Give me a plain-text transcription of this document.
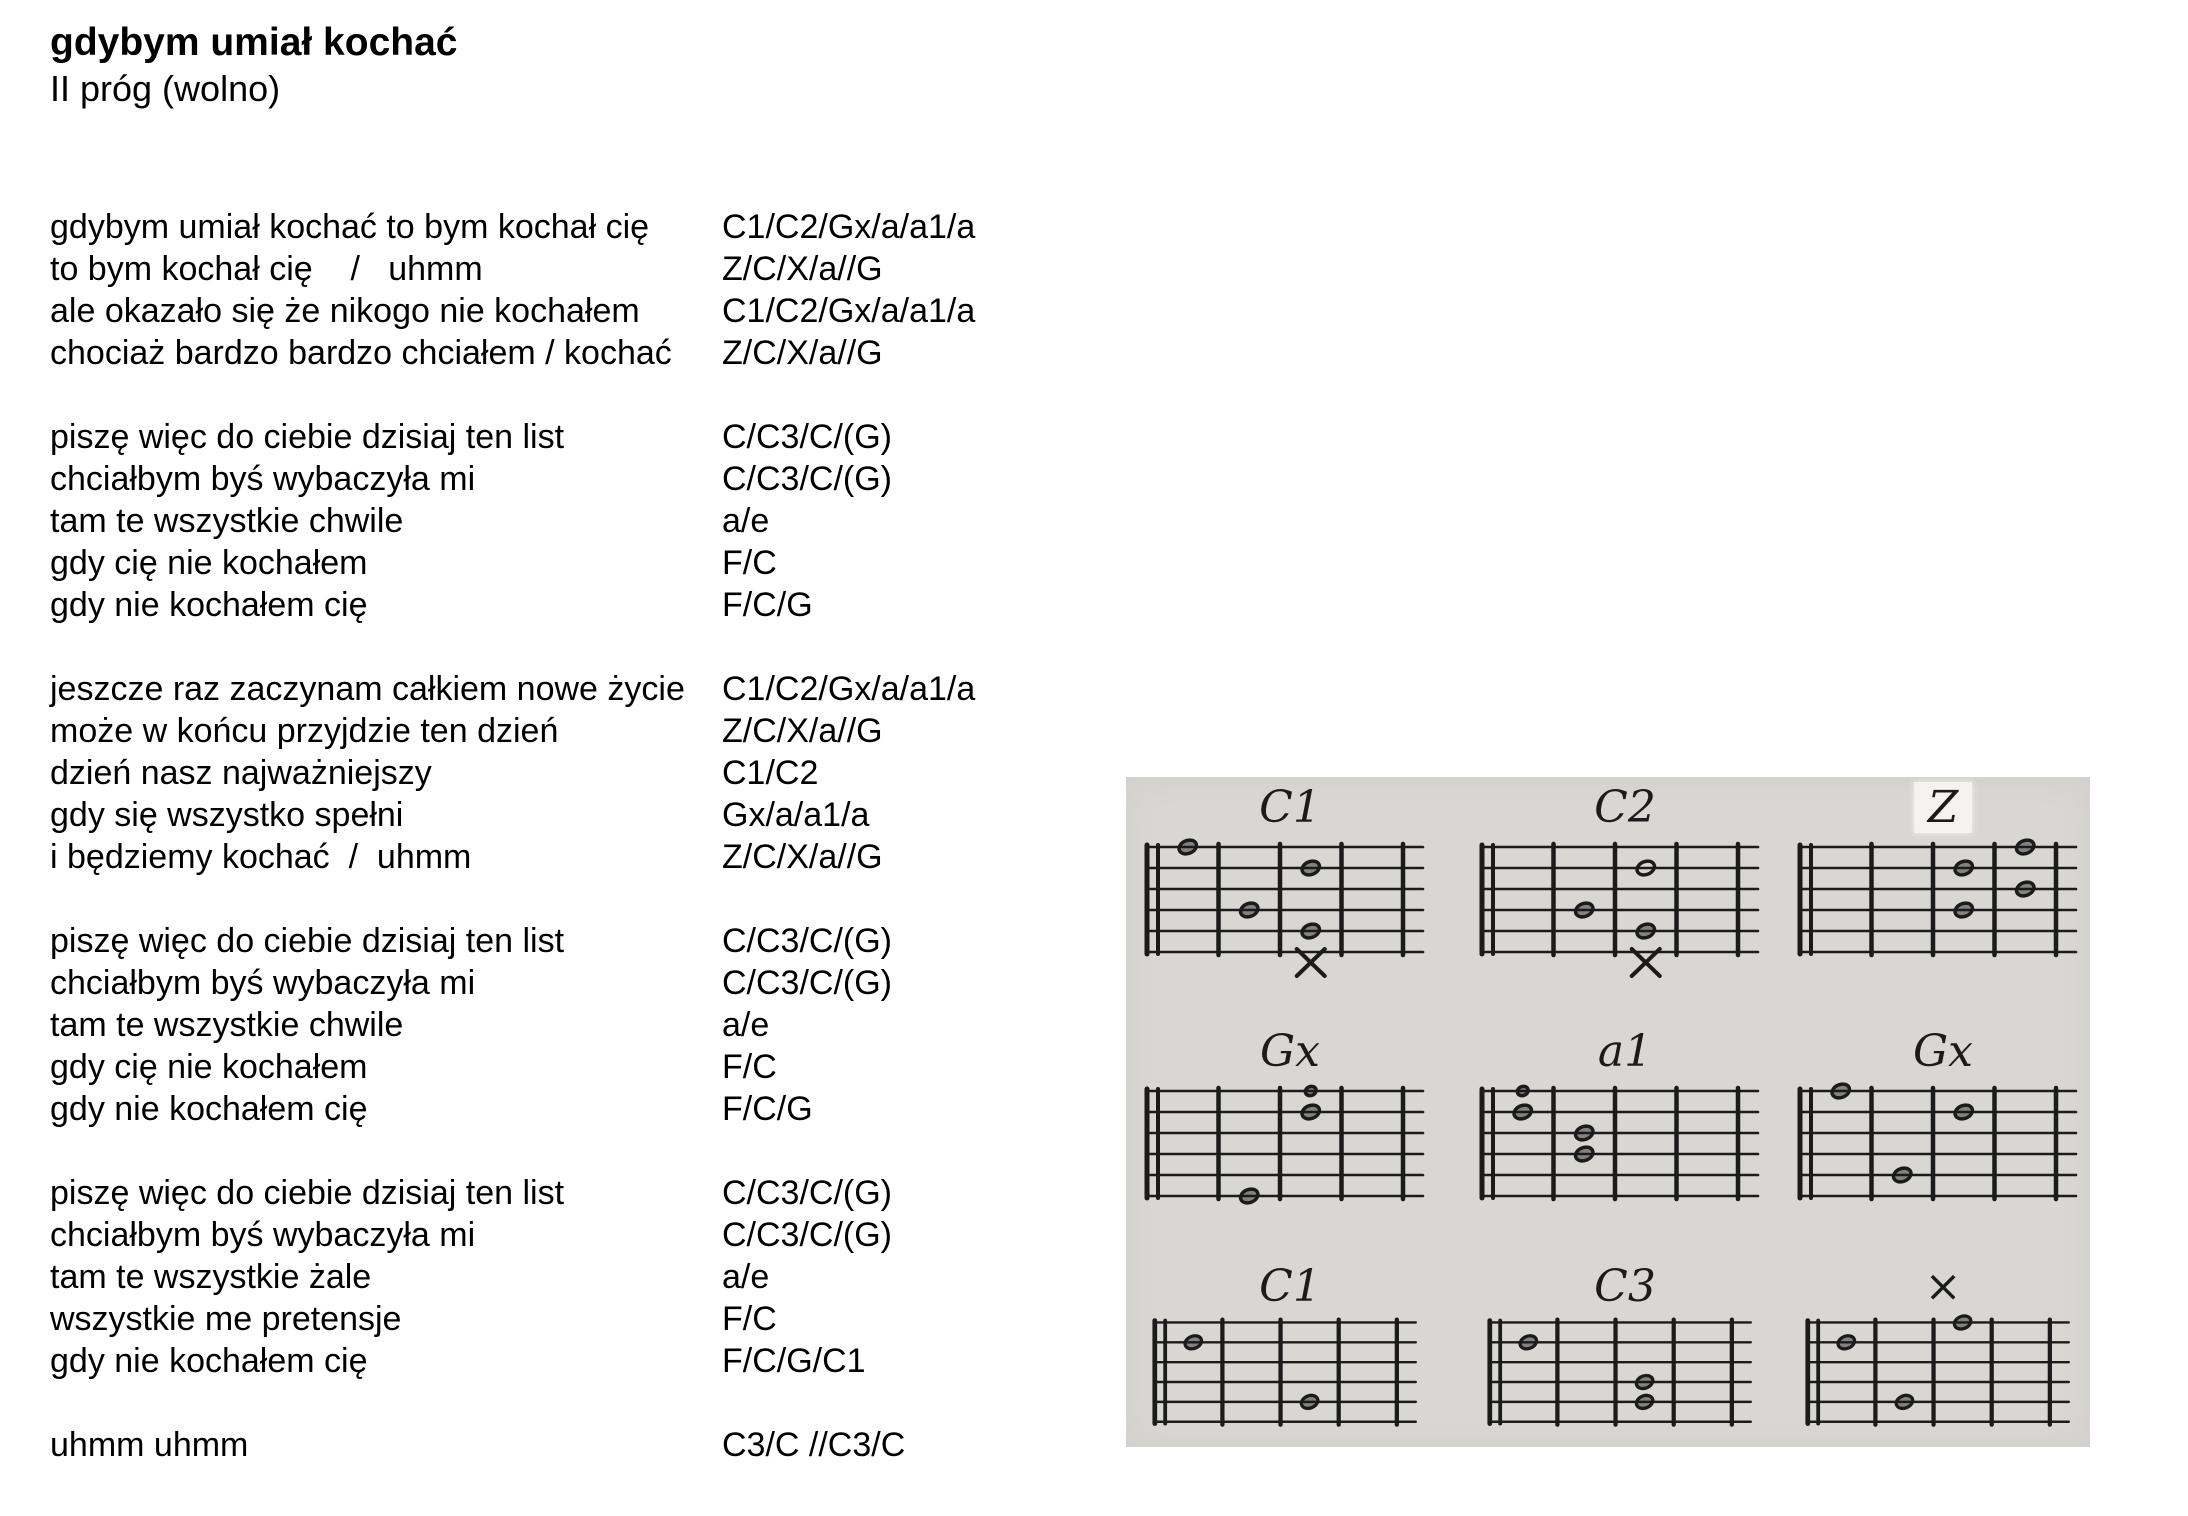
gdybym umiał kochać
II próg (wolno)
gdybym umiał kochać to bym kochał cię	C1/C2/Gx/a/a1/a
to bym kochał cię    /   uhmm	Z/C/X/a//G
ale okazało się że nikogo nie kochałem	C1/C2/Gx/a/a1/a
chociaż bardzo bardzo chciałem / kochać	Z/C/X/a//G
piszę więc do ciebie dzisiaj ten list	C/C3/C/(G)
chciałbym byś wybaczyła mi	C/C3/C/(G)
tam te wszystkie chwile	a/e
gdy cię nie kochałem	F/C
gdy nie kochałem cię	F/C/G
jeszcze raz zaczynam całkiem nowe życie	C1/C2/Gx/a/a1/a
może w końcu przyjdzie ten dzień	Z/C/X/a//G
dzień nasz najważniejszy	C1/C2
gdy się wszystko spełni	Gx/a/a1/a
i będziemy kochać  /  uhmm	Z/C/X/a//G
piszę więc do ciebie dzisiaj ten list	C/C3/C/(G)
chciałbym byś wybaczyła mi	C/C3/C/(G)
tam te wszystkie chwile	a/e
gdy cię nie kochałem	F/C
gdy nie kochałem cię	F/C/G
piszę więc do ciebie dzisiaj ten list	C/C3/C/(G)
chciałbym byś wybaczyła mi	C/C3/C/(G)
tam te wszystkie żale	a/e
wszystkie me pretensje	F/C
gdy nie kochałem cię	F/C/G/C1
uhmm uhmm	C3/C //C3/C
C1	C2	Z
Gx	a1	Gx
C1	C3	×
